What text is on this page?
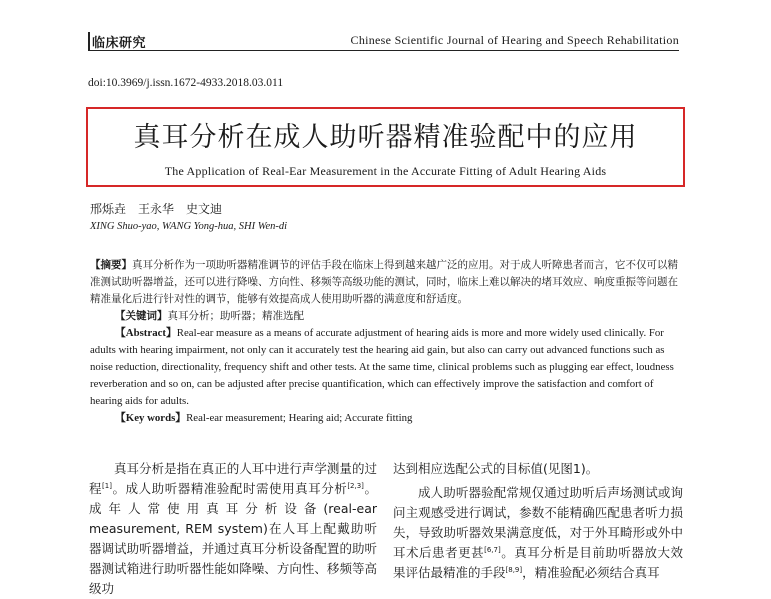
临床研究	Chinese Scientific Journal of Hearing and Speech Rehabilitation
doi:10.3969/j.issn.1672-4933.2018.03.011
真耳分析在成人助听器精准验配中的应用
The Application of Real-Ear Measurement in the Accurate Fitting of Adult Hearing Aids
邢烁垚　王永华　史文迪
XING Shuo-yao, WANG Yong-hua, SHI Wen-di

【摘要】真耳分析作为一项助听器精准调节的评估手段在临床上得到越来越广泛的应用。对于成人听障患者而言，它不仅可以精准测试助听器增益，还可以进行降噪、方向性、移频等高级功能的测试，同时，临床上难以解决的堵耳效应、响度重振等问题在精准量化后进行针对性的调节，能够有效提高成人使用助听器的满意度和舒适度。

【关键词】真耳分析；助听器；精准选配

【Abstract】Real-ear measure as a means of accurate adjustment of hearing aids is more and more widely used clinically. For adults with hearing impairment, not only can it accurately test the hearing aid gain, but also can carry out advanced functions such as noise reduction, directionality, frequency shift and other tests. At the same time, clinical problems such as plugging ear effect, loudness reverberation and so on, can be adjusted after precise quantification, which can effectively improve the satisfaction and comfort of hearing aids for adults.

【Key words】Real-ear measurement; Hearing aid; Accurate fitting

真耳分析是指在真正的人耳中进行声学测量的过程[1]。成人助听器精准验配时需使用真耳分析[2,3]。成年人常使用真耳分析设备(real-ear measurement, REM system)在人耳上配戴助听器调试助听器增益，并通过真耳分析设备配置的助听器测试箱进行助听器性能如降噪、方向性、移频等高级功

达到相应选配公式的目标值(见图1)。

成人助听器验配常规仅通过助听后声场测试或询问主观感受进行调试，参数不能精确匹配患者听力损失，导致助听器效果满意度低，对于外耳畸形或外中耳术后患者更甚[6,7]。真耳分析是目前助听器放大效果评估最精准的手段[8,9]，精准验配必须结合真耳
